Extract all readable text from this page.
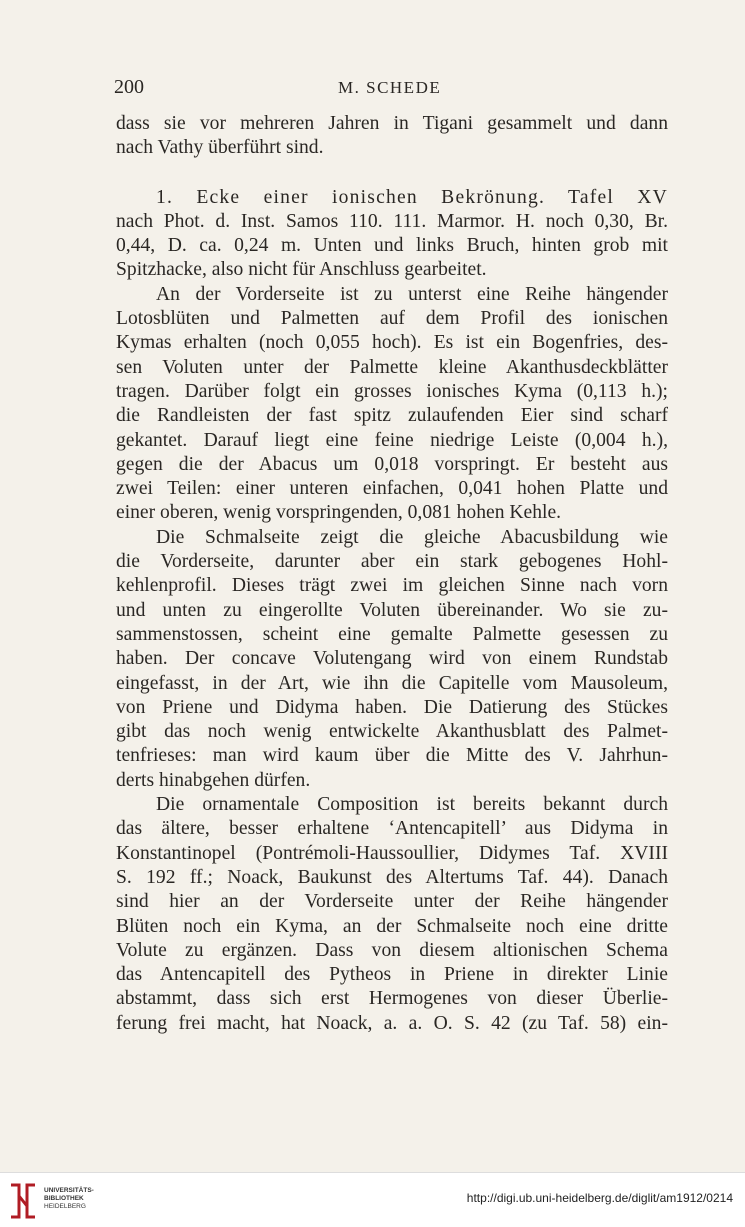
200	M. SCHEDE
dass sie vor mehreren Jahren in Tigani gesammelt und dann
nach Vathy überführt sind.
1. Ecke einer ionischen Bekrönung. Tafel XV
nach Phot. d. Inst. Samos 110. 111. Marmor. H. noch 0,30, Br.
0,44, D. ca. 0,24 m. Unten und links Bruch, hinten grob mit
Spitzhacke, also nicht für Anschluss gearbeitet.
An der Vorderseite ist zu unterst eine Reihe hängender
Lotosblüten und Palmetten auf dem Profil des ionischen
Kymas erhalten (noch 0,055 hoch). Es ist ein Bogenfries, des-
sen Voluten unter der Palmette kleine Akanthusdeckblätter
tragen. Darüber folgt ein grosses ionisches Kyma (0,113 h.);
die Randleisten der fast spitz zulaufenden Eier sind scharf
gekantet. Darauf liegt eine feine niedrige Leiste (0,004 h.),
gegen die der Abacus um 0,018 vorspringt. Er besteht aus
zwei Teilen: einer unteren einfachen, 0,041 hohen Platte und
einer oberen, wenig vorspringenden, 0,081 hohen Kehle.
Die Schmalseite zeigt die gleiche Abacusbildung wie
die Vorderseite, darunter aber ein stark gebogenes Hohl-
kehlenprofil. Dieses trägt zwei im gleichen Sinne nach vorn
und unten zu eingerollte Voluten übereinander. Wo sie zu-
sammenstossen, scheint eine gemalte Palmette gesessen zu
haben. Der concave Volutengang wird von einem Rundstab
eingefasst, in der Art, wie ihn die Capitelle vom Mausoleum,
von Priene und Didyma haben. Die Datierung des Stückes
gibt das noch wenig entwickelte Akanthusblatt des Palmet-
tenfrieses: man wird kaum über die Mitte des V. Jahrhun-
derts hinabgehen dürfen.
Die ornamentale Composition ist bereits bekannt durch
das ältere, besser erhaltene ‘Antencapitell’ aus Didyma in
Konstantinopel (Pontrémoli-Haussoullier, Didymes Taf. XVIII
S. 192 ff.; Noack, Baukunst des Altertums Taf. 44). Danach
sind hier an der Vorderseite unter der Reihe hängender
Blüten noch ein Kyma, an der Schmalseite noch eine dritte
Volute zu ergänzen. Dass von diesem altionischen Schema
das Antencapitell des Pytheos in Priene in direkter Linie
abstammt, dass sich erst Hermogenes von dieser Überlie-
ferung frei macht, hat Noack, a. a. O. S. 42 (zu Taf. 58) ein-
UNIVERSITÄTS-
BIBLIOTHEK
HEIDELBERG
http://digi.ub.uni-heidelberg.de/diglit/am1912/0214
